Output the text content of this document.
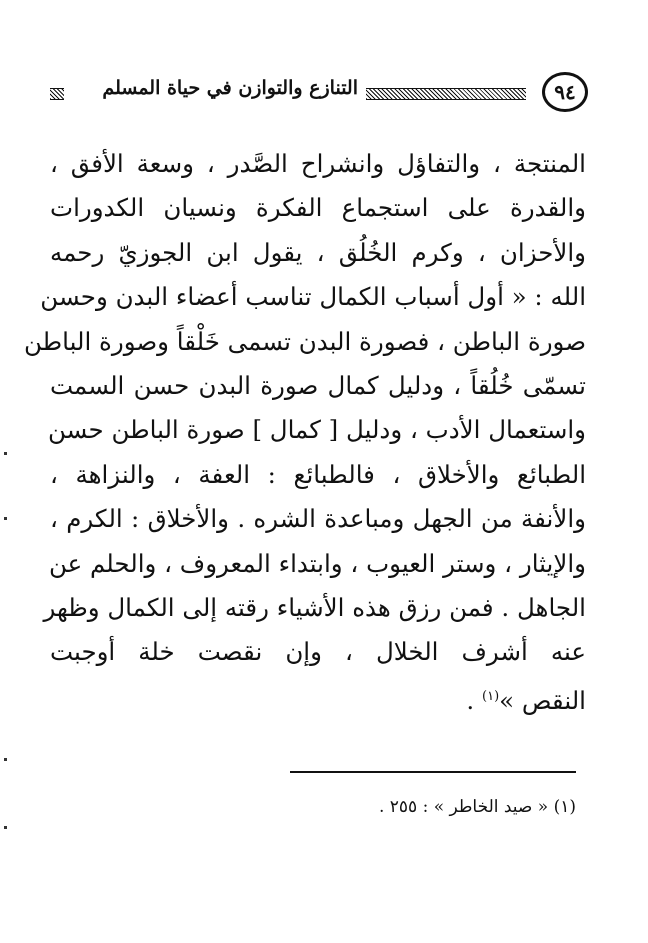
٩٤
التنازع والتوازن في حياة المسلم
المنتجة ، والتفاؤل وانشراح الصَّدر ، وسعة الأفق ،
والقدرة على استجماع الفكرة ونسيان الكدورات
والأحزان ، وكرم الخُلُق ، يقول ابن الجوزيّ رحمه
الله : « أول أسباب الكمال تناسب أعضاء البدن وحسن
صورة الباطن ، فصورة البدن تسمى خَلْقاً وصورة الباطن
تسمّى خُلُقاً ، ودليل كمال صورة البدن حسن السمت
واستعمال الأدب ، ودليل [ كمال ] صورة الباطن حسن
الطبائع والأخلاق ، فالطبائع : العفة ، والنزاهة ،
والأنفة من الجهل ومباعدة الشره . والأخلاق : الكرم ،
والإيثار ، وستر العيوب ، وابتداء المعروف ، والحلم عن
الجاهل . فمن رزق هذه الأشياء رقته إلى الكمال وظهر
عنه أشرف الخلال ، وإن نقصت خلة أوجبت
النقص »$^{(١)}$ .
(١) « صيد الخاطر » : ٢٥٥ .
